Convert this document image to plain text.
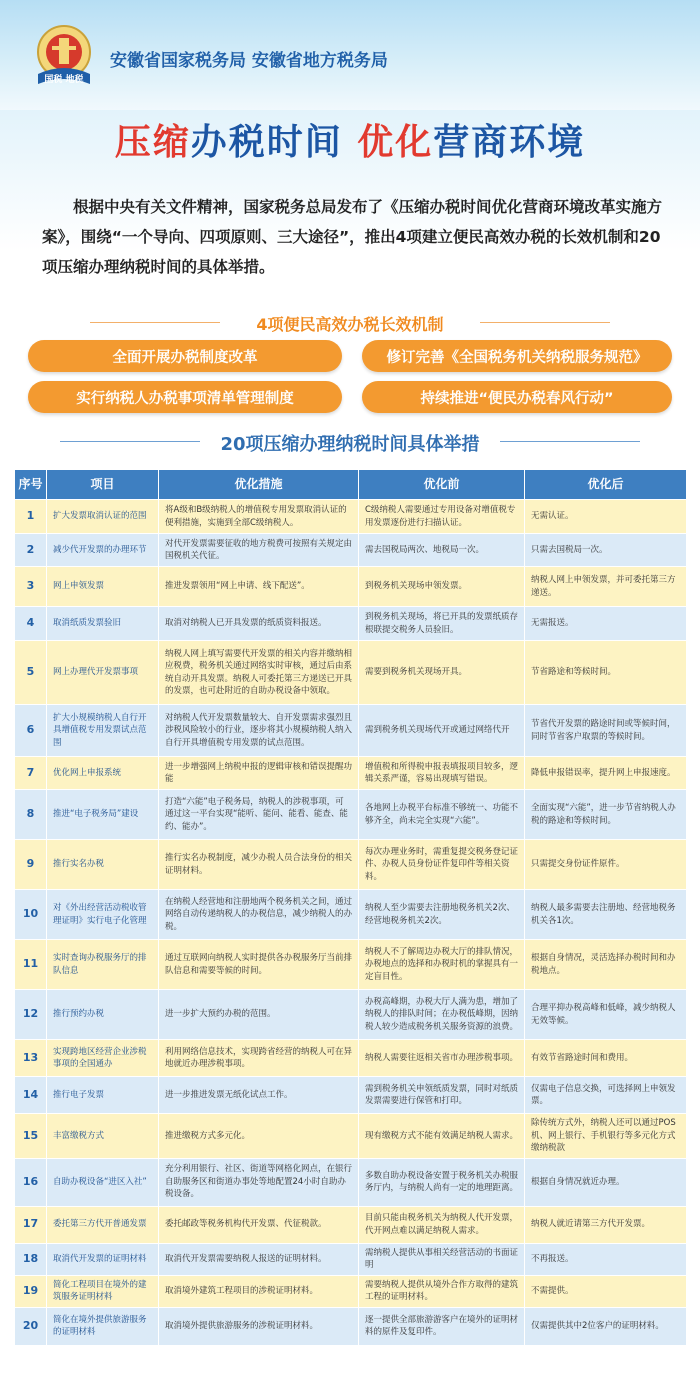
国税 地税
安徽省国家税务局 安徽省地方税务局
压缩办税时间 优化营商环境
根据中央有关文件精神，国家税务总局发布了《压缩办税时间优化营商环境改革实施方案》，围绕“一个导向、四项原则、三大途径”，推出4项建立便民高效办税的长效机制和20项压缩办理纳税时间的具体举措。
4项便民高效办税长效机制
全面开展办税制度改革	修订完善《全国税务机关纳税服务规范》
实行纳税人办税事项清单管理制度	持续推进“便民办税春风行动”
20项压缩办理纳税时间具体举措
序号	项目	优化措施	优化前	优化后
1	扩大发票取消认证的范围	将A级和B级纳税人的增值税专用发票取消认证的便利措施，实施到全部C级纳税人。	C级纳税人需要通过专用设备对增值税专用发票逐份进行扫描认证。	无需认证。
2	减少代开发票的办理环节	对代开发票需要征收的地方税费可按照有关规定由国税机关代征。	需去国税局两次、地税局一次。	只需去国税局一次。
3	网上申领发票	推进发票领用“网上申请、线下配送”。	到税务机关现场申领发票。	纳税人网上申领发票，并可委托第三方递送。
4	取消纸质发票验旧	取消对纳税人已开具发票的纸质资料报送。	到税务机关现场，将已开具的发票纸质存根联提交税务人员验旧。	无需报送。
5	网上办理代开发票事项	纳税人网上填写需要代开发票的相关内容并缴纳相应税费，税务机关通过网络实时审核，通过后由系统自动开具发票。纳税人可委托第三方递送已开具的发票，也可赴附近的自助办税设备中领取。	需要到税务机关现场开具。	节省路途和等候时间。
6	扩大小规模纳税人自行开具增值税专用发票试点范围	对纳税人代开发票数量较大、自开发票需求强烈且涉税风险较小的行业，逐步将其小规模纳税人纳入自行开具增值税专用发票的试点范围。	需到税务机关现场代开或通过网络代开	节省代开发票的路途时间或等候时间，同时节省客户取票的等候时间。
7	优化网上申报系统	进一步增强网上纳税申报的逻辑审核和错误提醒功能	增值税和所得税申报表填报项目较多，逻辑关系严谨，容易出现填写错误。	降低申报错误率，提升网上申报速度。
8	推进“电子税务局”建设	打造“六能”电子税务局，纳税人的涉税事项，可通过这一平台实现“能听、能问、能看、能查、能约、能办”。	各地网上办税平台标准不够统一、功能不够齐全，尚未完全实现“六能”。	全面实现“六能”，进一步节省纳税人办税的路途和等候时间。
9	推行实名办税	推行实名办税制度，减少办税人员合法身份的相关证明材料。	每次办理业务时，需重复提交税务登记证件、办税人员身份证件复印件等相关资料。	只需提交身份证件原件。
10	对《外出经营活动税收管理证明》实行电子化管理	在纳税人经营地和注册地两个税务机关之间，通过网络自动传递纳税人的办税信息，减少纳税人的办税。	纳税人至少需要去注册地税务机关2次、经营地税务机关2次。	纳税人最多需要去注册地、经营地税务机关各1次。
11	实时查询办税服务厅的排队信息	通过互联网向纳税人实时提供各办税服务厅当前排队信息和需要等候的时间。	纳税人不了解周边办税大厅的排队情况，办税地点的选择和办税时机的掌握具有一定盲目性。	根据自身情况，灵活选择办税时间和办税地点。
12	推行预约办税	进一步扩大预约办税的范围。	办税高峰期，办税大厅人满为患，增加了纳税人的排队时间；在办税低峰期，因纳税人较少造成税务机关服务资源的浪费。	合理平抑办税高峰和低峰，减少纳税人无效等候。
13	实现跨地区经营企业涉税事项的全国通办	利用网络信息技术，实现跨省经营的纳税人可在异地就近办理涉税事项。	纳税人需要往返相关省市办理涉税事项。	有效节省路途时间和费用。
14	推行电子发票	进一步推进发票无纸化试点工作。	需到税务机关申领纸质发票，同时对纸质发票需要进行保管和打印。	仅需电子信息交换，可选择网上申领发票。
15	丰富缴税方式	推进缴税方式多元化。	现有缴税方式不能有效满足纳税人需求。	除传统方式外，纳税人还可以通过POS机、网上银行、手机银行等多元化方式缴纳税款
16	自助办税设备“进区入社”	充分利用银行、社区、街道等网格化网点，在银行自助服务区和街道办事处等地配置24小时自助办税设备。	多数自助办税设备安置于税务机关办税服务厅内，与纳税人尚有一定的地理距离。	根据自身情况就近办理。
17	委托第三方代开普通发票	委托邮政等税务机构代开发票、代征税款。	目前只能由税务机关为纳税人代开发票，代开网点难以满足纳税人需求。	纳税人就近请第三方代开发票。
18	取消代开发票的证明材料	取消代开发票需要纳税人报送的证明材料。	需纳税人提供从事相关经营活动的书面证明	不再报送。
19	简化工程项目在境外的建筑服务证明材料	取消境外建筑工程项目的涉税证明材料。	需要纳税人提供从境外合作方取得的建筑工程的证明材料。	不需提供。
20	简化在境外提供旅游服务的证明材料	取消境外提供旅游服务的涉税证明材料。	逐一提供全部旅游游客户在境外的证明材料的原件及复印件。	仅需提供其中2位客户的证明材料。
